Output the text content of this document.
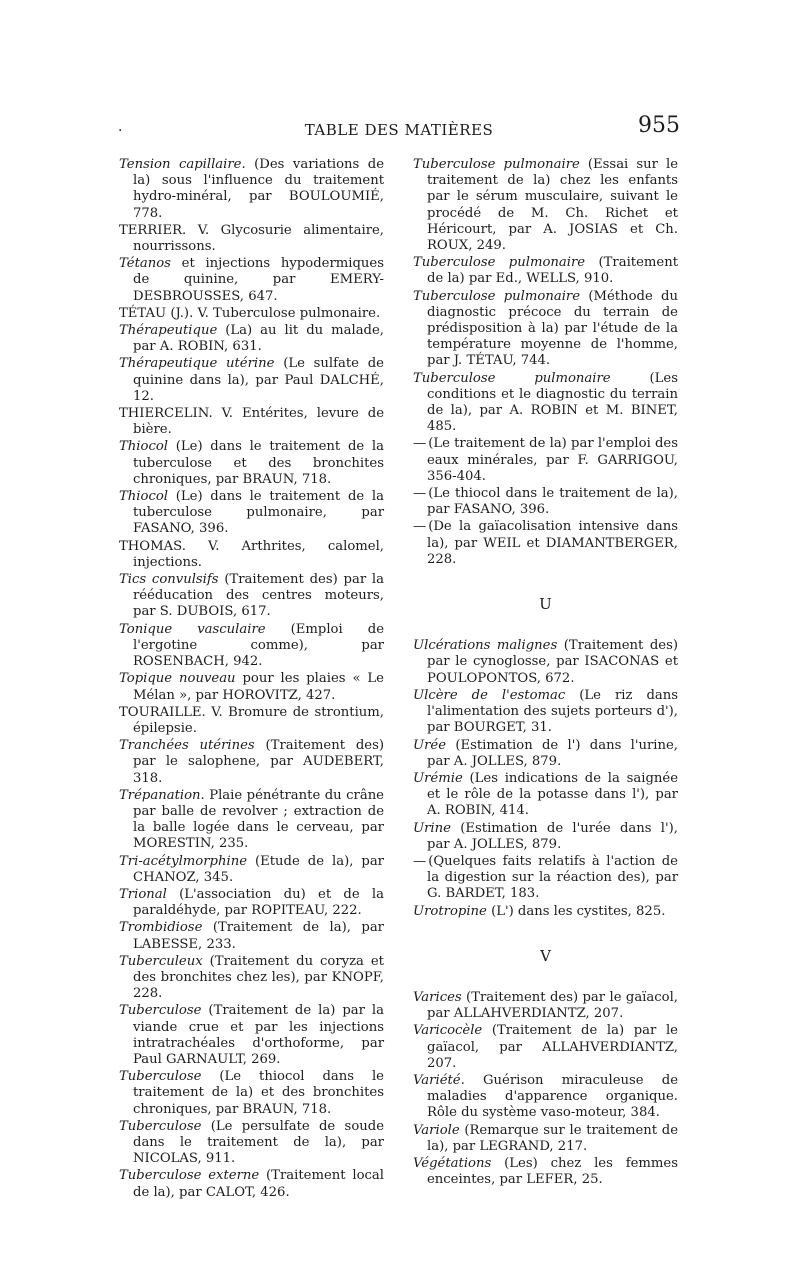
.	TABLE DES MATIÈRES	955

Tension capillaire. (Des variations de la) sous l'influence du traitement hydro-minéral, par BOULOUMIÉ, 778.

TERRIER. V. Glycosurie alimentaire, nourrissons.

Tétanos et injections hypodermiques de quinine, par EMERY-DESBROUSSES, 647.

TÉTAU (J.). V. Tuberculose pulmonaire.

Thérapeutique (La) au lit du malade, par A. ROBIN, 631.

Thérapeutique utérine (Le sulfate de quinine dans la), par Paul DALCHÉ, 12.

THIERCELIN. V. Entérites, levure de bière.

Thiocol (Le) dans le traitement de la tuberculose et des bronchites chroniques, par BRAUN, 718.

Thiocol (Le) dans le traitement de la tuberculose pulmonaire, par FASANO, 396.

THOMAS. V. Arthrites, calomel, injections.

Tics convulsifs (Traitement des) par la rééducation des centres moteurs, par S. DUBOIS, 617.

Tonique vasculaire (Emploi de l'ergotine comme), par ROSENBACH, 942.

Topique nouveau pour les plaies « Le Mélan », par HOROVITZ, 427.

TOURAILLE. V. Bromure de strontium, épilepsie.

Tranchées utérines (Traitement des) par le salophene, par AUDEBERT, 318.

Trépanation. Plaie pénétrante du crâne par balle de revolver ; extraction de la balle logée dans le cerveau, par MORESTIN, 235.

Tri-acétylmorphine (Etude de la), par CHANOZ, 345.

Trional (L'association du) et de la paraldéhyde, par ROPITEAU, 222.

Trombidiose (Traitement de la), par LABESSE, 233.

Tuberculeux (Traitement du coryza et des bronchites chez les), par KNOPF, 228.

Tuberculose (Traitement de la) par la viande crue et par les injections intratrachéales d'orthoforme, par Paul GARNAULT, 269.

Tuberculose (Le thiocol dans le traitement de la) et des bronchites chroniques, par BRAUN, 718.

Tuberculose (Le persulfate de soude dans le traitement de la), par NICOLAS, 911.

Tuberculose externe (Traitement local de la), par CALOT, 426.

Tuberculose pulmonaire (Essai sur le traitement de la) chez les enfants par le sérum musculaire, suivant le procédé de M. Ch. Richet et Héricourt, par A. JOSIAS et Ch. ROUX, 249.

Tuberculose pulmonaire (Traitement de la) par Ed., WELLS, 910.

Tuberculose pulmonaire (Méthode du diagnostic précoce du terrain de prédisposition à la) par l'étude de la température moyenne de l'homme, par J. TÉTAU, 744.

Tuberculose pulmonaire	(Les conditions et le diagnostic du terrain de la), par A. ROBIN et M. BINET, 485.

— (Le traitement de la) par l'emploi des eaux minérales, par F. GARRIGOU, 356-404.

— (Le thiocol dans le traitement de la), par FASANO, 396.

— (De la gaïacolisation intensive dans la), par WEIL et DIAMANTBERGER, 228.

U

Ulcérations malignes (Traitement des) par le cynoglosse, par ISACONAS et POULOPONTOS, 672.

Ulcère de l'estomac (Le riz dans l'alimentation des sujets porteurs d'), par BOURGET, 31.

Urée (Estimation de l') dans l'urine, par A. JOLLES, 879.

Urémie (Les indications de la saignée et le rôle de la potasse dans l'), par A. ROBIN, 414.

Urine (Estimation de l'urée dans l'), par A. JOLLES, 879.

— (Quelques faits relatifs à l'action de la digestion sur la réaction des), par G. BARDET, 183.

Urotropine (L') dans les cystites, 825.

V

Varices (Traitement des) par le gaïacol, par ALLAHVERDIANTZ, 207.

Varicocèle (Traitement de la) par le gaïacol, par ALLAHVERDIANTZ, 207.

Variété. Guérison miraculeuse de maladies d'apparence organique. Rôle du système vaso-moteur, 384.

Variole (Remarque sur le traitement de la), par LEGRAND, 217.

Végétations (Les) chez les femmes enceintes, par LEFER, 25.
